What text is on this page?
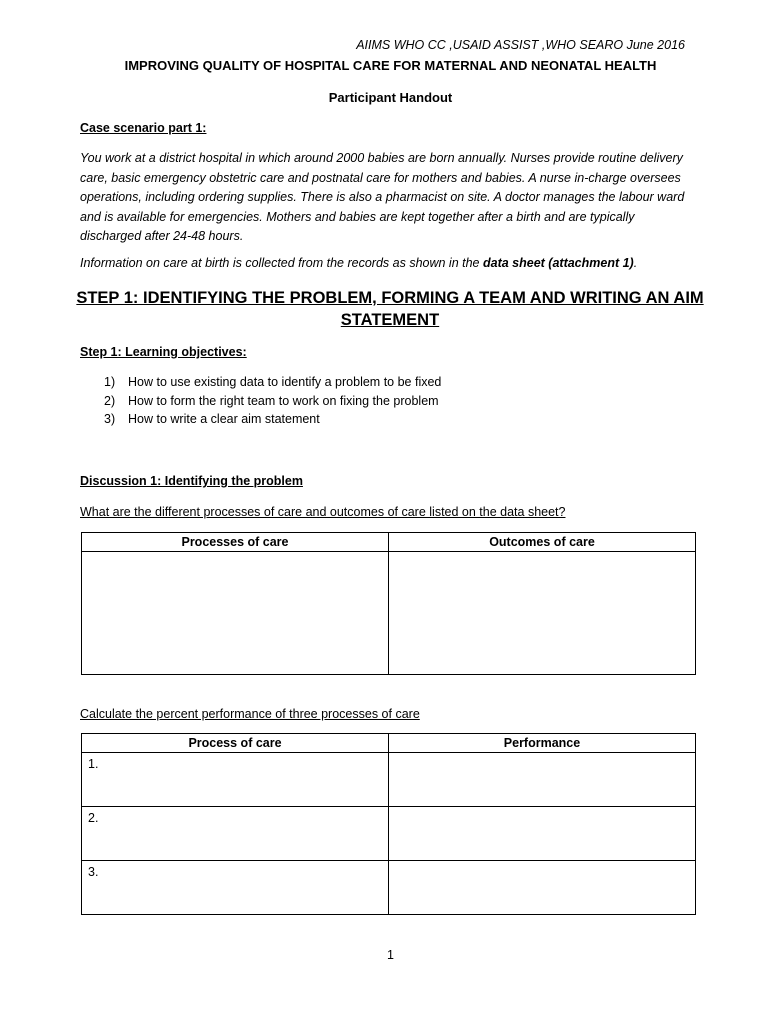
AIIMS WHO CC ,USAID ASSIST ,WHO SEARO June 2016
IMPROVING QUALITY OF HOSPITAL CARE FOR MATERNAL AND NEONATAL HEALTH
Participant Handout
Case scenario part 1:
You work at a district hospital in which around 2000 babies are born annually. Nurses provide routine delivery care, basic emergency obstetric care and postnatal care for mothers and babies. A nurse in-charge oversees operations, including ordering supplies. There is also a pharmacist on site. A doctor manages the labour ward and is available for emergencies. Mothers and babies are kept together after a birth and are typically discharged after 24-48 hours.
Information on care at birth is collected from the records as shown in the data sheet (attachment 1).
STEP 1: IDENTIFYING THE PROBLEM, FORMING A TEAM AND WRITING AN AIM STATEMENT
Step 1: Learning objectives:
1)	How to use existing data to identify a problem to be fixed
2)	How to form the right team to work on fixing the problem
3)	How to write a clear aim statement
Discussion 1: Identifying the problem
What are the different processes of care and outcomes of care listed on the data sheet?
Processes of care	Outcomes of care

Calculate the percent performance of three processes of care
Process of care	Performance
1.	
2.	
3.	
1
